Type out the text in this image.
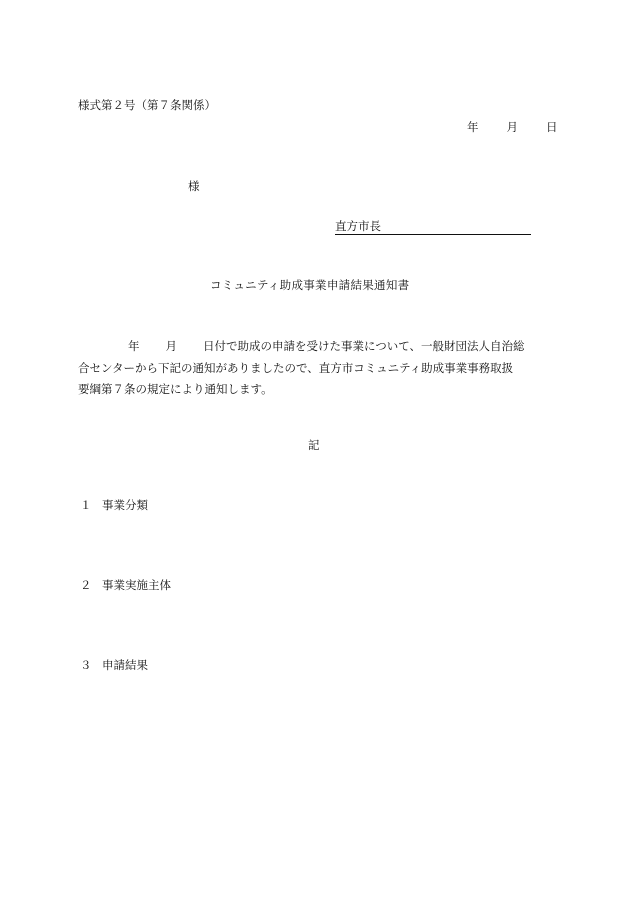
様式第２号（第７条関係）
年 月 日
様
直方市長
コミュニティ助成事業申請結果通知書
年 月 日付で助成の申請を受けた事業について、一般財団法人自治総
合センターから下記の通知がありましたので、直方市コミュニティ助成事業事務取扱
要綱第７条の規定により通知します。
記
１ 事業分類
２ 事業実施主体
３ 申請結果
